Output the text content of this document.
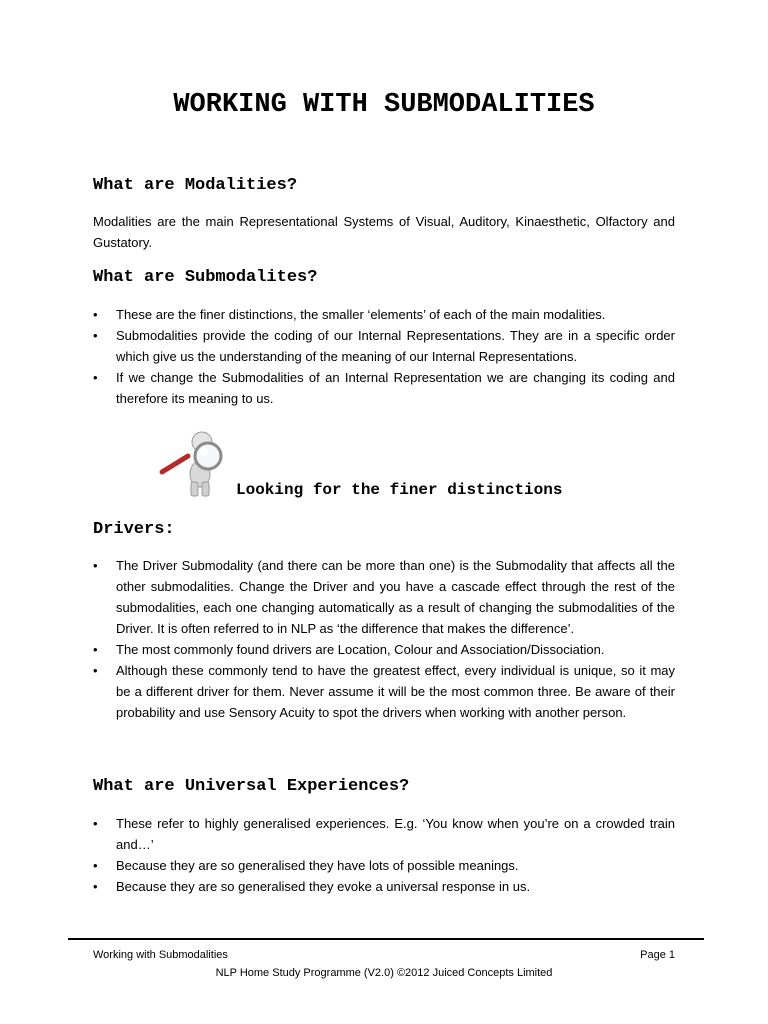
WORKING WITH SUBMODALITIES
What are Modalities?

Modalities are the main Representational Systems of Visual, Auditory, Kinaesthetic, Olfactory and Gustatory.

What are Submodalites?
• These are the finer distinctions, the smaller ‘elements’ of each of the main modalities.
• Submodalities provide the coding of our Internal Representations. They are in a specific order which give us the understanding of the meaning of our Internal Representations.
• If we change the Submodalities of an Internal Representation we are changing its coding and therefore its meaning to us.

Looking for the finer distinctions

Drivers:
• The Driver Submodality (and there can be more than one) is the Submodality that affects all the other submodalities. Change the Driver and you have a cascade effect through the rest of the submodalities, each one changing automatically as a result of changing the submodalities of the Driver. It is often referred to in NLP as ‘the difference that makes the difference’.
• The most commonly found drivers are Location, Colour and Association/Dissociation.
• Although these commonly tend to have the greatest effect, every individual is unique, so it may be a different driver for them. Never assume it will be the most common three. Be aware of their probability and use Sensory Acuity to spot the drivers when working with another person.
What are Universal Experiences?
• These refer to highly generalised experiences. E.g. ‘You know when you’re on a crowded train and…’
• Because they are so generalised they have lots of possible meanings.
• Because they are so generalised they evoke a universal response in us.
Working with Submodalities	Page 1
NLP Home Study Programme (V2.0) ©2012 Juiced Concepts Limited
